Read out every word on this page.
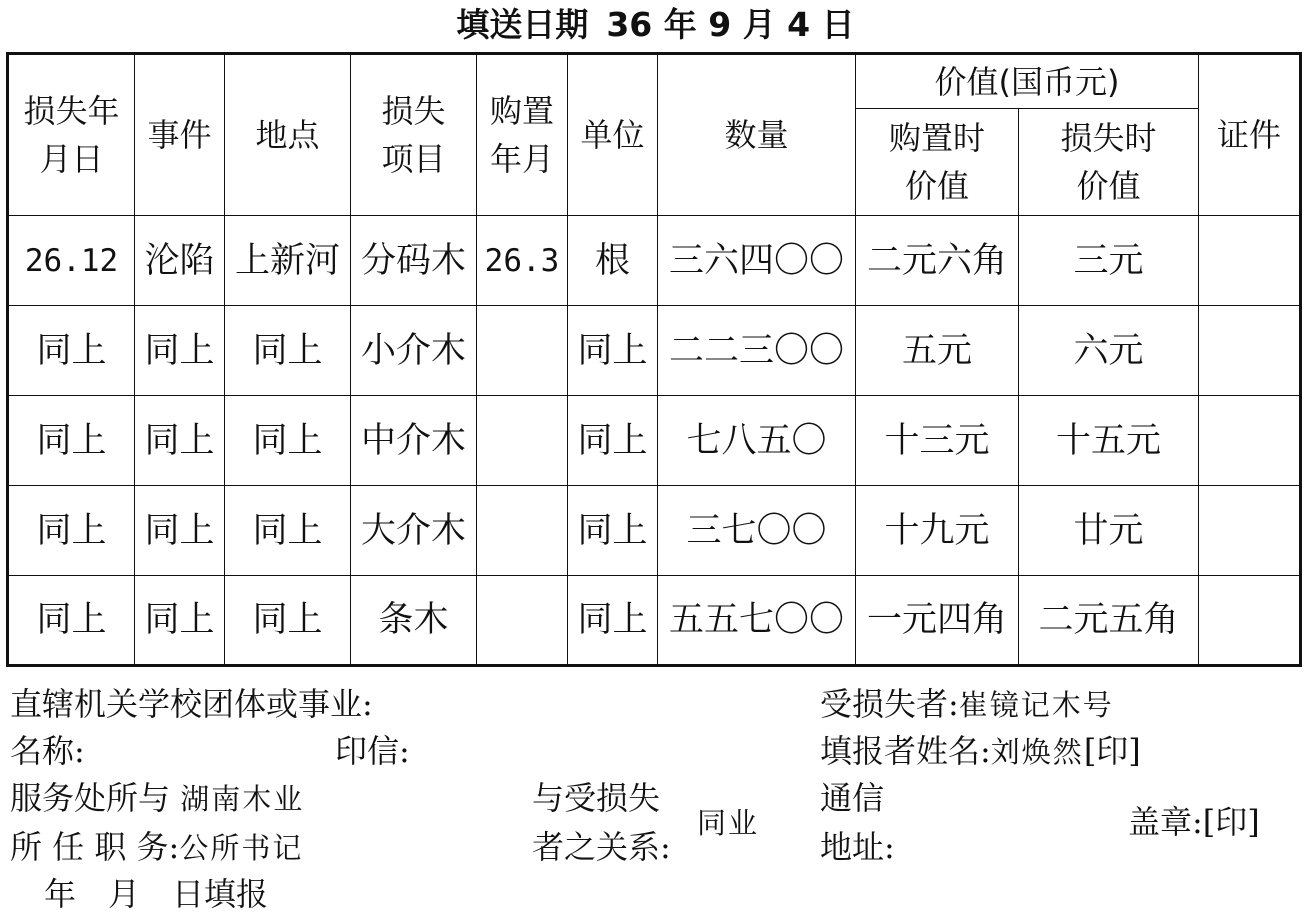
填送日期 36 年 9 月 4 日
损失年月日	事件	地点	损失项目	购置年月	单位	数量	价值(国币元)		证件

							购置时价值	损失时价值	

26.12	沦陷	上新河	分码木	26.3	根	三六四〇〇	二元六角	三元	
同上	同上	同上	小介木		同上	二二三〇〇	五元	六元	
同上	同上	同上	中介木		同上	七八五〇	十三元	十五元	
同上	同上	同上	大介木		同上	三七〇〇	十九元	廿元	
同上	同上	同上	条木		同上	五五七〇〇	一元四角	二元五角	
直辖机关学校团体或事业:
名称:	印信:
服务处所与 湖南木业
所 任 职 务:公所书记
年　月　日填报
与受损失
者之关系:
同业
受损失者:崔镜记木号
填报者姓名:刘焕然[印]
通信
地址:
盖章:[印]
